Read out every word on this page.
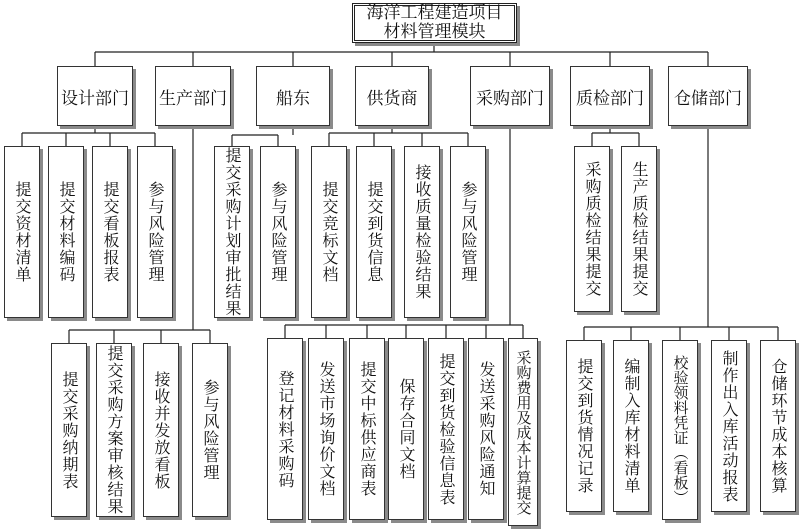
海洋工程建造项目
材料管理模块
设计部门 生产部门	船东	供货商	采购部门	质检部门	仓储部门
提交资材清单	提交材料编码	提交看板报表	参与风险管理	提交采购计划审批结果	参与风险管理	提交竞标文档	提交到货信息	接收质量检验结果	参与风险管理	采购质检结果提交	生产质检结果提交
提交采购纳期表	提交采购方案审核结果	接收并发放看板	参与风险管理	登记材料采购码	发送市场询价文档	提交中标供应商表	保存合同文档	提交到货检验信息表	发送采购风险通知	采购费用及成本计算提交	提交到货情况记录	编制入库材料清单	校验领料凭证（看板）	制作出入库活动报表	仓储环节成本核算
